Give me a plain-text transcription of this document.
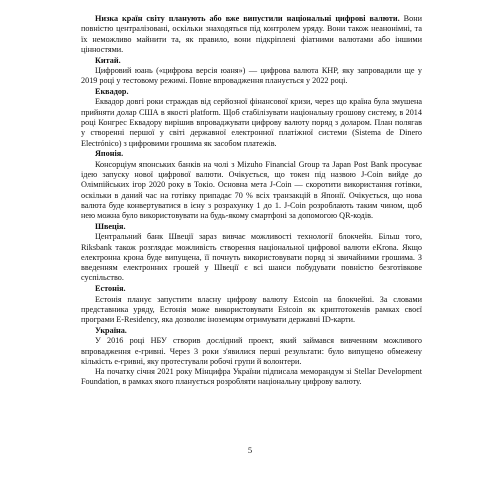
Низка країн світу планують або вже випустили національні цифрові валюти. Вони повністю централізовані, оскільки знаходяться під контролем уряду. Вони також неанонімні, та їх неможливо майнити та, як правило, вони підкріплені фіатними валютами або іншими цінностями.

Китай.

Цифровий юань («цифрова версія юаня») — цифрова валюта КНР, яку запровадили ще у 2019 році у тестовому режимі. Повне впровадження планується у 2022 році.

Еквадор.

Еквадор довгі роки страждав від серйозної фінансової кризи, через що країна була змушена прийняти долар США в якості platform. Щоб стабілізувати національну грошову систему, в 2014 році Конгрес Еквадору вирішив впроваджувати цифрову валюту поряд з доларом. План полягав у створенні першої у світі державної електронної платіжної системи (Sistema de Dinero Electrónico) з цифровими грошима як засобом платежів.

Японія.

Консорціум японських банків на чолі з Mizuho Financial Group та Japan Post Bank просуває ідею запуску нової цифрової валюти. Очікується, що токен під назвою J-Coin вийде до Олімпійських ігор 2020 року в Токіо. Основна мета J-Coin — скоротити використання готівки, оскільки в даний час на готівку припадає 70 % всіх транзакцій в Японії. Очікується, що нова валюта буде конвертуватися в ієну з розрахунку 1 до 1. J-Coin розроблають таким чином, щоб нею можна було використовувати на будь-якому смартфоні за допомогою QR-кодів.

Швеція.

Центральний банк Швеції зараз вивчає можливості технології блокчейн. Більш того, Riksbank також розглядає можливість створення національної цифрової валюти eKrona. Якщо електронна крона буде випущена, її почнуть використовувати поряд зі звичайними грошима. З введенням електронних грошей у Швеції є всі шанси побудувати повністю безготівкове суспільство.

Естонія.

Естонія планує запустити власну цифрову валюту Estcoin на блокчейні. За словами представника уряду, Естонія може використовувати Estcoin як криптотокенів рамках своєї програми E-Residency, яка дозволяє іноземцям отримувати державні ID-карти.

Україна.

У 2016 році НБУ створив дослідний проект, який займався вивченням можливого впровадження е-гривні. Через 3 роки з'явилися перші результати: було випущено обмежену кількість е-гривні, яку протестували робочі групи й волонтери.

На початку січня 2021 року Мінцифра України підписала меморандум зі Stellar Development Foundation, в рамках якого планується розробляти національну цифрову валюту.

5
